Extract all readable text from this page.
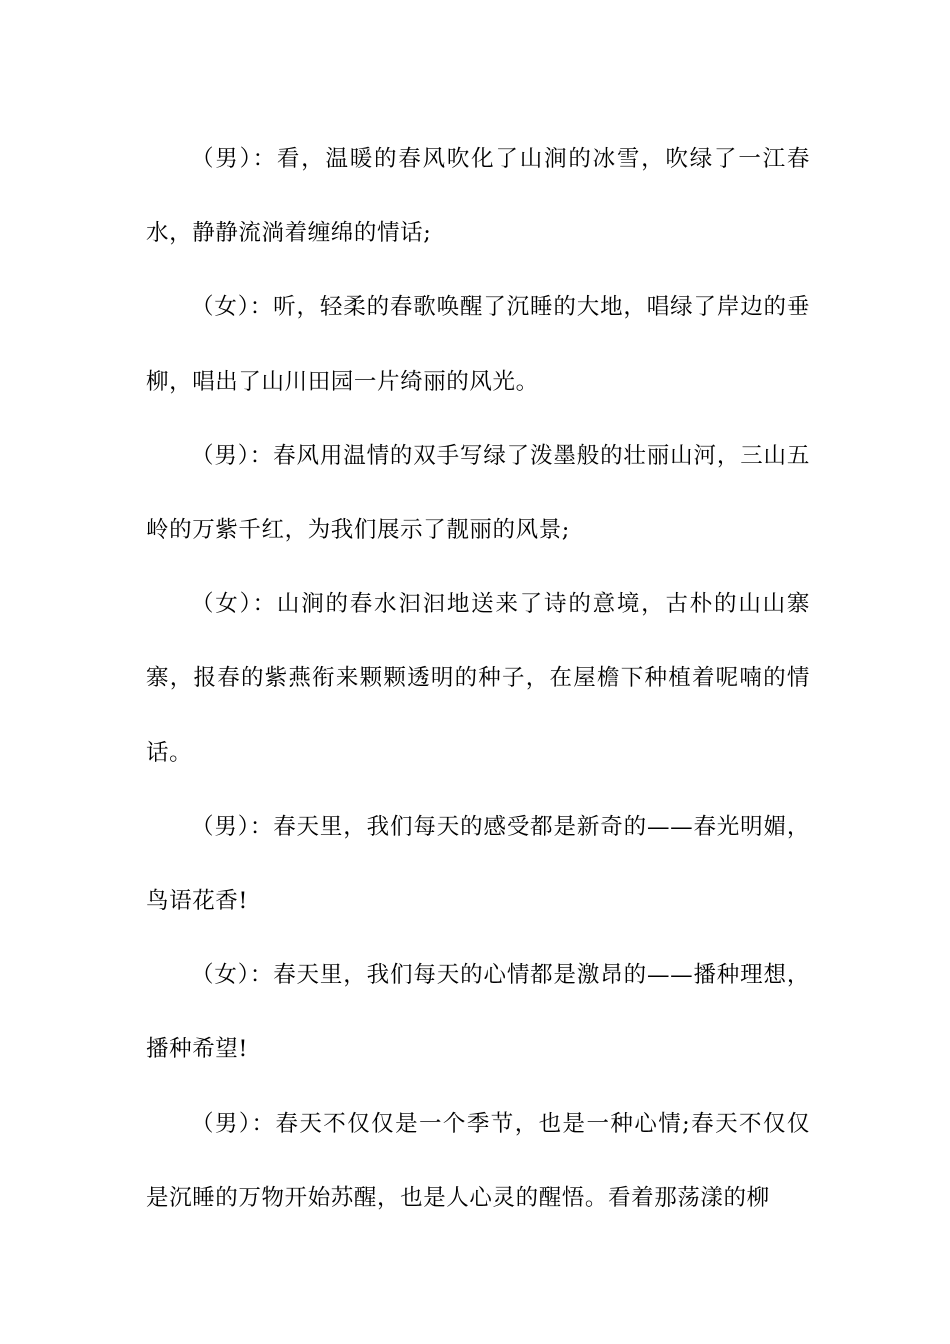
（男）：看，温暖的春风吹化了山涧的冰雪，吹绿了一江春水，静静流淌着缠绵的情话;

（女）：听，轻柔的春歌唤醒了沉睡的大地，唱绿了岸边的垂柳，唱出了山川田园一片绮丽的风光。

（男）：春风用温情的双手写绿了泼墨般的壮丽山河，三山五岭的万紫千红，为我们展示了靓丽的风景;

（女）：山涧的春水汩汩地送来了诗的意境，古朴的山山寨寨，报春的紫燕衔来颗颗透明的种子，在屋檐下种植着呢喃的情话。

（男）：春天里，我们每天的感受都是新奇的——春光明媚，鸟语花香!

（女）：春天里，我们每天的心情都是激昂的——播种理想，播种希望!

（男）：春天不仅仅是一个季节，也是一种心情;春天不仅仅是沉睡的万物开始苏醒，也是人心灵的醒悟。看着那荡漾的柳
